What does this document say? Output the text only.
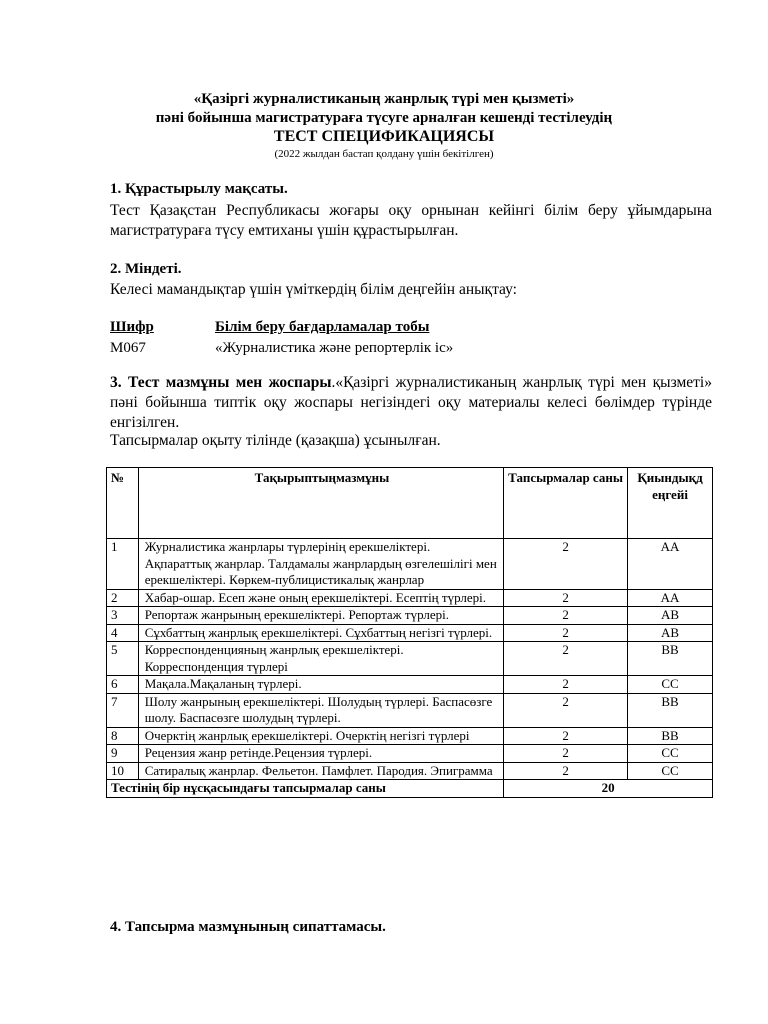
«Қазіргі журналистиканың жанрлық түрі мен қызметі»
пәні бойынша магистратураға түсуге арналған кешенді тестілеудің
ТЕСТ СПЕЦИФИКАЦИЯСЫ
(2022 жылдан бастап қолдану үшін бекітілген)
1. Құрастырылу мақсаты.
Тест Қазақстан Республикасы жоғары оқу орнынан кейінгі білім беру ұйымдарына магистратураға түсу емтиханы үшін құрастырылған.
2. Міндеті.
Келесі мамандықтар үшін үміткердің білім деңгейін анықтау:
Шифр	Білім беру бағдарламалар тобы
M067	«Журналистика және репортерлік іс»
3. Тест мазмұны мен жоспары.«Қазіргі журналистиканың жанрлық түрі мен қызметі» пәні бойынша типтік оқу жоспары негізіндегі оқу материалы келесі бөлімдер түрінде енгізілген.
Тапсырмалар оқыту тілінде (қазақша) ұсынылған.
№	Тақырыптыңмазмұны	Тапсырмалар саны	Қиындықд еңгейі
1	Журналистика жанрлары түрлерінің ерекшеліктері. Ақпараттық жанрлар. Талдамалы жанрлардың өзгелешілігі мен ерекшеліктері. Көркем-публицистикалық жанрлар	2	AA
2	Хабар-ошар. Есеп және оның ерекшеліктері. Есептің түрлері.	2	AA
3	Репортаж жанрының ерекшеліктері. Репортаж түрлері.	2	AB
4	Сұхбаттың жанрлық ерекшеліктері. Сұхбаттың негізгі түрлері.	2	AB
5	Корреспонденцияның жанрлық ерекшеліктері. Корреспонденция түрлері	2	BB
6	Мақала.Мақаланың түрлері.	2	CC
7	Шолу жанрының ерекшеліктері. Шолудың түрлері. Баспасөзге шолу. Баспасөзге шолудың түрлері.	2	BB
8	Очерктің жанрлық ерекшеліктері. Очерктің негізгі түрлері	2	BB
9	Рецензия жанр ретінде.Рецензия түрлері.	2	CC
10	Сатиралық жанрлар. Фельетон. Памфлет. Пародия. Эпиграмма	2	CC
Тестінің бір нұсқасындағы тапсырмалар саны		20	
4. Тапсырма мазмұнының сипаттамасы.
